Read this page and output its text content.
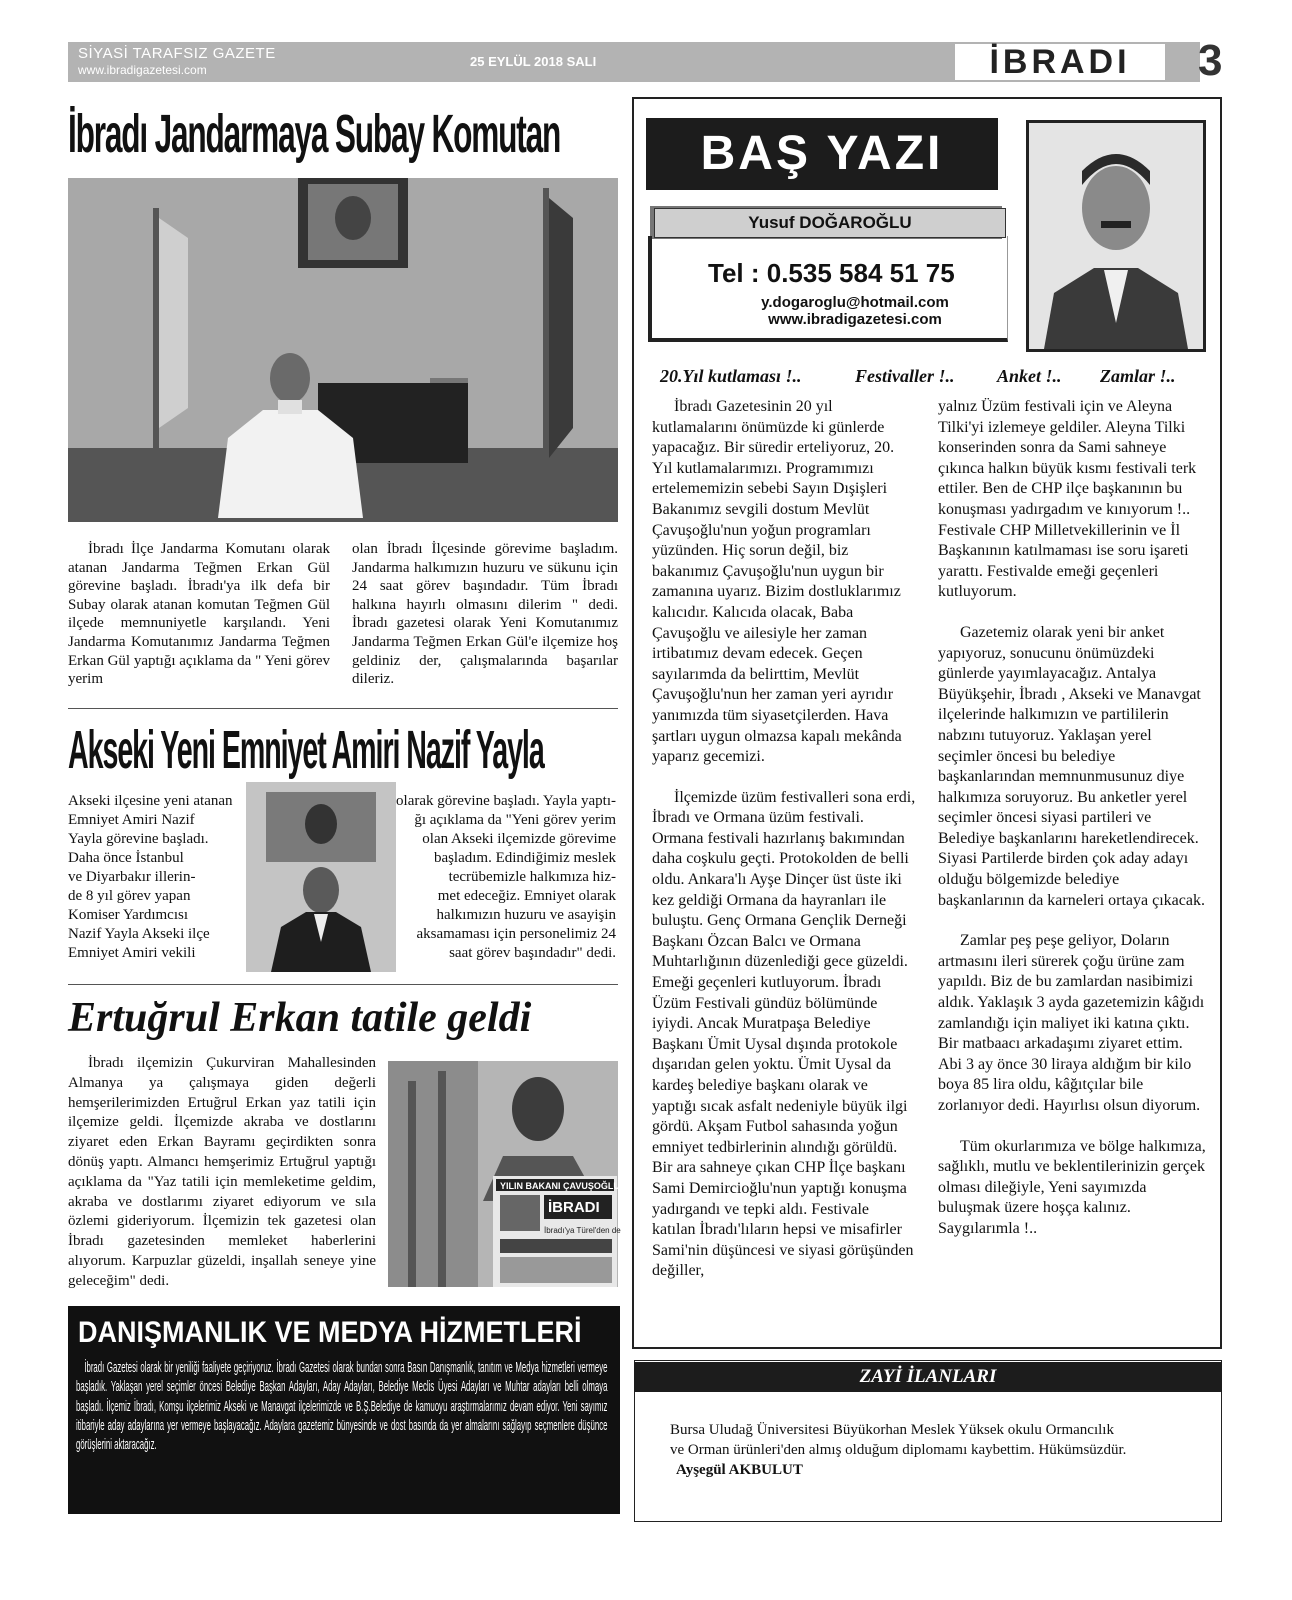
SİYASİ TARAFSIZ GAZETE
www.ibradigazetesi.com
25 EYLÜL 2018 SALI	İBRADI	3
İbradı Jandarmaya Subay Komutan
İbradı İlçe Jandarma Komutanı olarak atanan Jandarma Teğmen Erkan Gül görevine başladı. İbradı'ya ilk defa bir Subay olarak atanan komutan Teğmen Gül ilçede memnuniyetle karşılandı. Yeni Jandarma Komutanımız Jandarma Teğmen Erkan Gül yaptığı açıklama da " Yeni görev yerim
olan İbradı İlçesinde görevime başladım. Jandarma halkımızın huzuru ve sükunu için 24 saat görev başındadır. Tüm İbradı halkına hayırlı olmasını dilerim " dedi. İbradı gazetesi olarak Yeni Komutanımız Jandarma Teğmen Erkan Gül'e ilçemize hoş geldiniz der, çalışmalarında başarılar dileriz.
Akseki Yeni Emniyet Amiri Nazif Yayla
Akseki ilçesine yeni atanan
Emniyet Amiri Nazif
Yayla görevine başladı.
Daha önce İstanbul
ve Diyarbakır illerin-
de 8 yıl görev yapan
Komiser Yardımcısı
Nazif Yayla Akseki ilçe
Emniyet Amiri vekili
olarak görevine başladı. Yayla yaptı-
ğı açıklama da "Yeni görev yerim
olan Akseki ilçemizde görevime
başladım. Edindiğimiz meslek
tecrübemizle halkımıza hiz-
met edeceğiz. Emniyet olarak
halkımızın huzuru ve asayişin
aksamaması için personelimiz 24
saat görev başındadır" dedi.
Ertuğrul Erkan tatile geldi
İbradı ilçemizin Çukurviran Mahallesinden Almanya ya çalışmaya giden değerli hemşerilerimizden Ertuğrul Erkan yaz tatili için ilçemize geldi. İlçemizde akraba ve dostlarını ziyaret eden Erkan Bayramı geçirdikten sonra dönüş yaptı. Almancı hemşerimiz Ertuğrul yaptığı açıklama da "Yaz tatili için memleketime geldim, akraba ve dostlarımı ziyaret ediyorum ve sıla özlemi gideriyorum. İlçemizin tek gazetesi olan İbradı gazetesinden memleket haberlerini alıyorum. Karpuzlar güzeldi, inşallah seneye yine geleceğim" dedi.
YILIN BAKANI ÇAVUŞOĞLU SEÇİ
İBRADI
İbradı'ya Türel'den de
DANIŞMANLIK VE MEDYA HİZMETLERİ
İbradı Gazetesi olarak bir yeniliği faaliyete geçiriyoruz. İbradı Gazetesi olarak bundan sonra Basın Danışmanlık, tanıtım ve Medya hizmetleri vermeye başladık. Yaklaşan yerel seçimler öncesi Belediye Başkan Adayları, Aday Adayları, Beledi̇ye Meclis Üyesi Adayları ve Muhtar adayları belli olmaya başladı. İlçemiz İbradı, Komşu ilçelerimiz Akseki ve Manavgat ilçelerimizde ve B.Ş.Belediye de kamuoyu araştırmalarımız devam ediyor. Yeni sayımız itibariyle aday adaylarına yer vermeye başlayacağız. Adaylara gazetemiz bünyesinde ve dost basında da yer almalarını sağlayıp seçmenlere düşünce görüşlerini aktaracağız.
BAŞ YAZI
Yusuf DOĞAROĞLU
Tel : 0.535 584 51 75
y.dogaroglu@hotmail.com
www.ibradigazetesi.com
20.Yıl kutlaması !..	Festivaller !.. Anket !.. Zamlar !..

İbradı Gazetesinin 20 yıl kutlamalarını önümüzde ki günlerde yapacağız. Bir süredir erteliyoruz, 20. Yıl kutlamalarımızı. Programımızı ertelememizin sebebi Sayın Dışişleri Bakanımız sevgili dostum Mevlüt Çavuşoğlu'nun yoğun programları yüzünden. Hiç sorun değil, biz bakanımız Çavuşoğlu'nun uygun bir zamanına uyarız. Bizim dostluklarımız kalıcıdır. Kalıcıda olacak, Baba Çavuşoğlu ve ailesiyle her zaman irtibatımız devam edecek. Geçen sayılarımda da belirttim, Mevlüt Çavuşoğlu'nun her zaman yeri ayrıdır yanımızda tüm siyasetçilerden. Hava şartları uygun olmazsa kapalı mekânda yaparız gecemizi.

İlçemizde üzüm festivalleri sona erdi, İbradı ve Ormana üzüm festivali. Ormana festivali hazırlanış bakımından daha coşkulu geçti. Protokolden de belli oldu. Ankara'lı Ayşe Dinçer üst üste iki kez geldiği Ormana da hayranları ile buluştu. Genç Ormana Gençlik Derneği Başkanı Özcan Balcı ve Ormana Muhtarlığının düzenlediği gece güzeldi. Emeği geçenleri kutluyorum. İbradı Üzüm Festivali gündüz bölümünde iyiydi. Ancak Muratpaşa Belediye Başkanı Ümit Uysal dışında protokole dışarıdan gelen yoktu. Ümit Uysal da kardeş belediye başkanı olarak ve yaptığı sıcak asfalt nedeniyle büyük ilgi gördü. Akşam Futbol sahasında yoğun emniyet tedbirlerinin alındığı görüldü. Bir ara sahneye çıkan CHP İlçe başkanı Sami Demircioğlu'nun yaptığı konuşma yadırgandı ve tepki aldı. Festivale katılan İbradı'lıların hepsi ve misafirler Sami'nin düşüncesi ve siyasi görüşünden değiller,

yalnız Üzüm festivali için ve Aleyna Tilki'yi izlemeye geldiler. Aleyna Tilki konserinden sonra da Sami sahneye çıkınca halkın büyük kısmı festivali terk ettiler. Ben de CHP ilçe başkanının bu konuşması yadırgadım ve kınıyorum !.. Festivale CHP Milletvekillerinin ve İl Başkanının katılmaması ise soru işareti yarattı. Festivalde emeği geçenleri kutluyorum.

Gazetemiz olarak yeni bir anket yapıyoruz, sonucunu önümüzdeki günlerde yayımlayacağız. Antalya Büyükşehir, İbradı , Akseki ve Manavgat ilçelerinde halkımızın ve partililerin nabzını tutuyoruz. Yaklaşan yerel seçimler öncesi bu belediye başkanlarından memnunmusunuz diye halkımıza soruyoruz. Bu anketler yerel seçimler öncesi siyasi partileri ve Belediye başkanlarını hareketlendirecek. Siyasi Partilerde birden çok aday adayı olduğu bölgemizde belediye başkanlarının da karneleri ortaya çıkacak.

Zamlar peş peşe geliyor, Doların artmasını ileri sürerek çoğu ürüne zam yapıldı. Biz de bu zamlardan nasibimizi aldık. Yaklaşık 3 ayda gazetemizin kâğıdı zamlandığı için maliyet iki katına çıktı. Bir matbaacı arkadaşımı ziyaret ettim. Abi 3 ay önce 30 liraya aldığım bir kilo boya 85 lira oldu, kâğıtçılar bile zorlanıyor dedi. Hayırlısı olsun diyorum.

Tüm okurlarımıza ve bölge halkımıza, sağlıklı, mutlu ve beklentilerinizin gerçek olması dileğiyle, Yeni sayımızda buluşmak üzere hoşça kalınız. Saygılarımla !..

ZAYİ İLANLARI
Bursa Uludağ Üniversitesi Büyükorhan Meslek Yüksek okulu Ormancılık
ve Orman ürünleri'den almış olduğum diplomamı kaybettim. Hükümsüzdür.
Ayşegül AKBULUT
